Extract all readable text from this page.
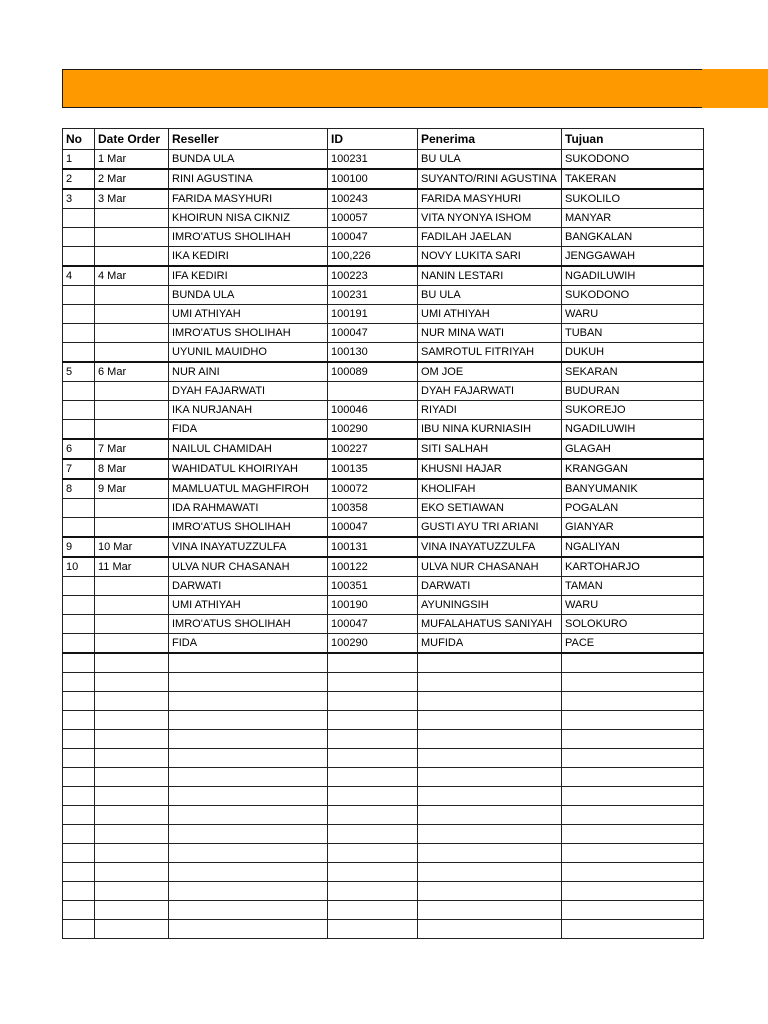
No	Date Order	Reseller	ID	Penerima	Tujuan
1	1 Mar	BUNDA ULA	100231	BU ULA	SUKODONO
2	2 Mar	RINI AGUSTINA	100100	SUYANTO/RINI AGUSTINA	TAKERAN
3	3 Mar	FARIDA MASYHURI	100243	FARIDA MASYHURI	SUKOLILO
		KHOIRUN NISA CIKNIZ	100057	VITA NYONYA ISHOM	MANYAR
		IMRO'ATUS SHOLIHAH	100047	FADILAH JAELAN	BANGKALAN
		IKA KEDIRI	100,226	NOVY LUKITA SARI	JENGGAWAH
4	4 Mar	IFA KEDIRI	100223	NANIN LESTARI	NGADILUWIH
		BUNDA ULA	100231	BU ULA	SUKODONO
		UMI ATHIYAH	100191	UMI ATHIYAH	WARU
		IMRO'ATUS SHOLIHAH	100047	NUR MINA WATI	TUBAN
		UYUNIL MAUIDHO	100130	SAMROTUL FITRIYAH	DUKUH
5	6 Mar	NUR AINI	100089	OM JOE	SEKARAN
		DYAH FAJARWATI		DYAH FAJARWATI	BUDURAN
		IKA NURJANAH	100046	RIYADI	SUKOREJO
		FIDA	100290	IBU NINA KURNIASIH	NGADILUWIH
6	7 Mar	NAILUL CHAMIDAH	100227	SITI SALHAH	GLAGAH
7	8 Mar	WAHIDATUL KHOIRIYAH	100135	KHUSNI HAJAR	KRANGGAN
8	9 Mar	MAMLUATUL MAGHFIROH	100072	KHOLIFAH	BANYUMANIK
		IDA RAHMAWATI	100358	EKO SETIAWAN	POGALAN
		IMRO'ATUS SHOLIHAH	100047	GUSTI AYU TRI ARIANI	GIANYAR
9	10 Mar	VINA INAYATUZZULFA	100131	VINA INAYATUZZULFA	NGALIYAN
10	11 Mar	ULVA NUR CHASANAH	100122	ULVA NUR CHASANAH	KARTOHARJO
		DARWATI	100351	DARWATI	TAMAN
		UMI ATHIYAH	100190	AYUNINGSIH	WARU
		IMRO'ATUS SHOLIHAH	100047	MUFALAHATUS SANIYAH	SOLOKURO
		FIDA	100290	MUFIDA	PACE
